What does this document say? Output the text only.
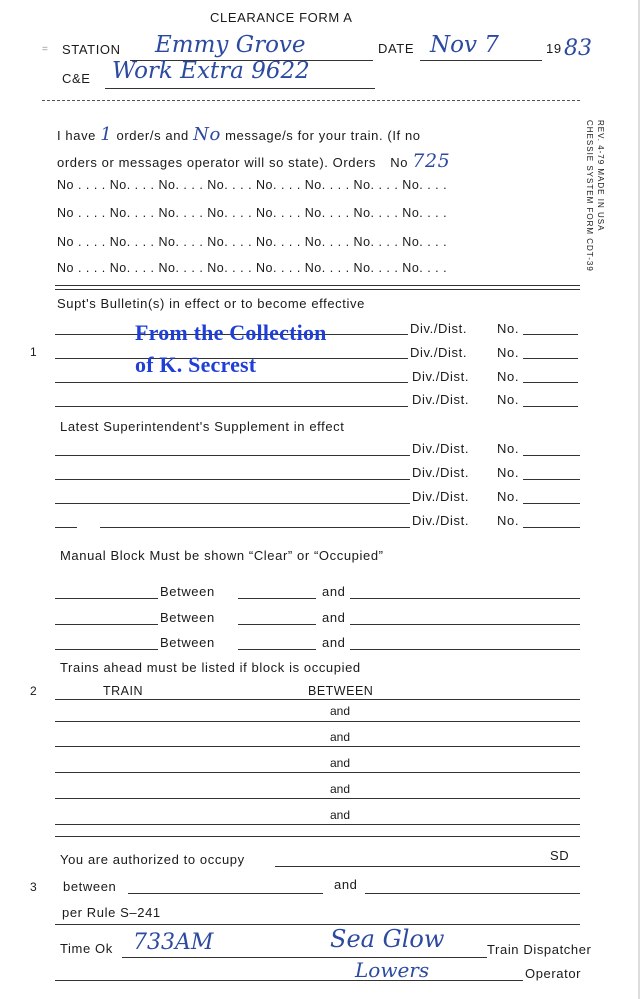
CLEARANCE FORM A
= STATION Emmy Grove	DATE Nov 7	19 83
C&E Work Extra 9622
I have 1 order/s and No message/s for your train. (If no
orders or messages operator will so state). Orders No 725
No . . . . No. . . . No. . . . No. . . . No. . . . No. . . . No. . . . No. . . .
No . . . . No. . . . No. . . . No. . . . No. . . . No. . . . No. . . . No. . . .
No . . . . No. . . . No. . . . No. . . . No. . . . No. . . . No. . . . No. . . .
No . . . . No. . . . No. . . . No. . . . No. . . . No. . . . No. . . . No. . . .	CHESSIE SYSTEM FORM CDT-39 REV. 4-79 MADE IN USA
Supt's Bulletin(s) in effect or to become effective
1
Div./Dist. No.
Div./Dist. No.
Div./Dist. No.
Div./Dist. No.
From the Collection
of K. Secrest
Latest Superintendent's Supplement in effect
Div./Dist. No.
Div./Dist. No.
Div./Dist. No.
Div./Dist. No.
Manual Block Must be shown “Clear” or “Occupied”
Between	and
Between	and
Between	and
Trains ahead must be listed if block is occupied
2	TRAIN	BETWEEN
and
and
and
and
and
You are authorized to occupy	SD
3 between	and
per Rule S–241
Time Ok 733AM	Sea Glow	Train Dispatcher
Lowers	Operator
